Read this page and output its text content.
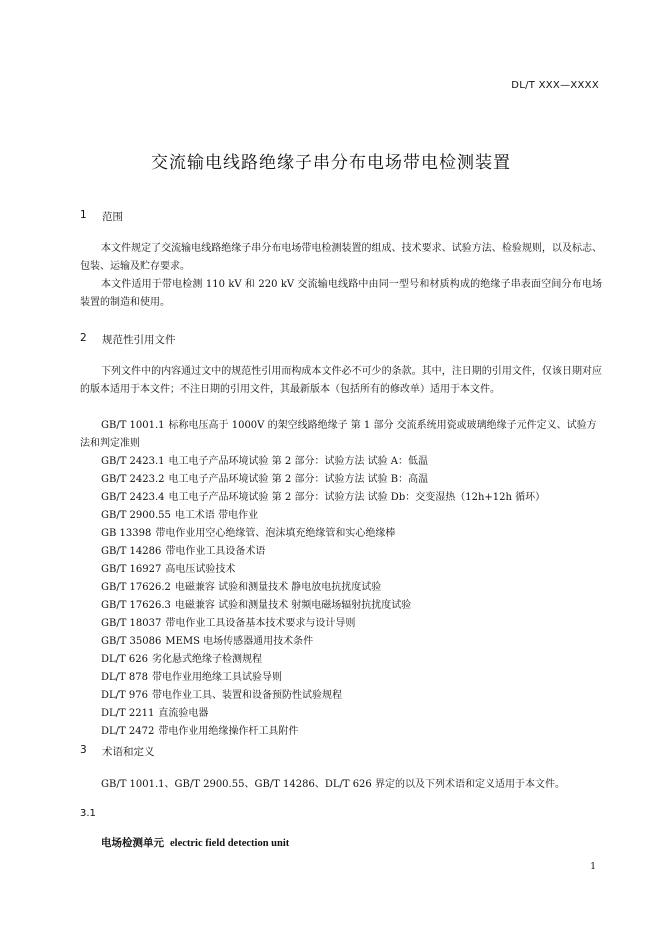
DL/T XXX—XXXX
交流输电线路绝缘子串分布电场带电检测装置
1	范围
本文件规定了交流输电线路绝缘子串分布电场带电检测装置的组成、技术要求、试验方法、检验规则，以及标志、包装、运输及贮存要求。
本文件适用于带电检测 110 kV 和 220 kV 交流输电线路中由同一型号和材质构成的绝缘子串表面空间分布电场装置的制造和使用。
2	规范性引用文件
下列文件中的内容通过文中的规范性引用而构成本文件必不可少的条款。其中，注日期的引用文件，仅该日期对应的版本适用于本文件；不注日期的引用文件，其最新版本（包括所有的修改单）适用于本文件。
GB/T 1001.1 标称电压高于 1000V 的架空线路绝缘子 第 1 部分 交流系统用瓷或玻璃绝缘子元件定义、试验方法和判定准则
GB/T 2423.1 电工电子产品环境试验 第 2 部分：试验方法 试验 A：低温
GB/T 2423.2 电工电子产品环境试验 第 2 部分：试验方法 试验 B：高温
GB/T 2423.4 电工电子产品环境试验 第 2 部分：试验方法 试验 Db：交变湿热（12h+12h 循环）
GB/T 2900.55 电工术语 带电作业
GB 13398 带电作业用空心绝缘管、泡沫填充绝缘管和实心绝缘棒
GB/T 14286 带电作业工具设备术语
GB/T 16927 高电压试验技术
GB/T 17626.2 电磁兼容 试验和测量技术 静电放电抗扰度试验
GB/T 17626.3 电磁兼容 试验和测量技术 射频电磁场辐射抗扰度试验
GB/T 18037 带电作业工具设备基本技术要求与设计导则
GB/T 35086 MEMS 电场传感器通用技术条件
DL/T 626 劣化悬式绝缘子检测规程
DL/T 878 带电作业用绝缘工具试验导则
DL/T 976 带电作业工具、装置和设备预防性试验规程
DL/T 2211 直流验电器
DL/T 2472 带电作业用绝缘操作杆工具附件
3	术语和定义
GB/T 1001.1、GB/T 2900.55、GB/T 14286、DL/T 626 界定的以及下列术语和定义适用于本文件。
3.1
电场检测单元 electric field detection unit
1
